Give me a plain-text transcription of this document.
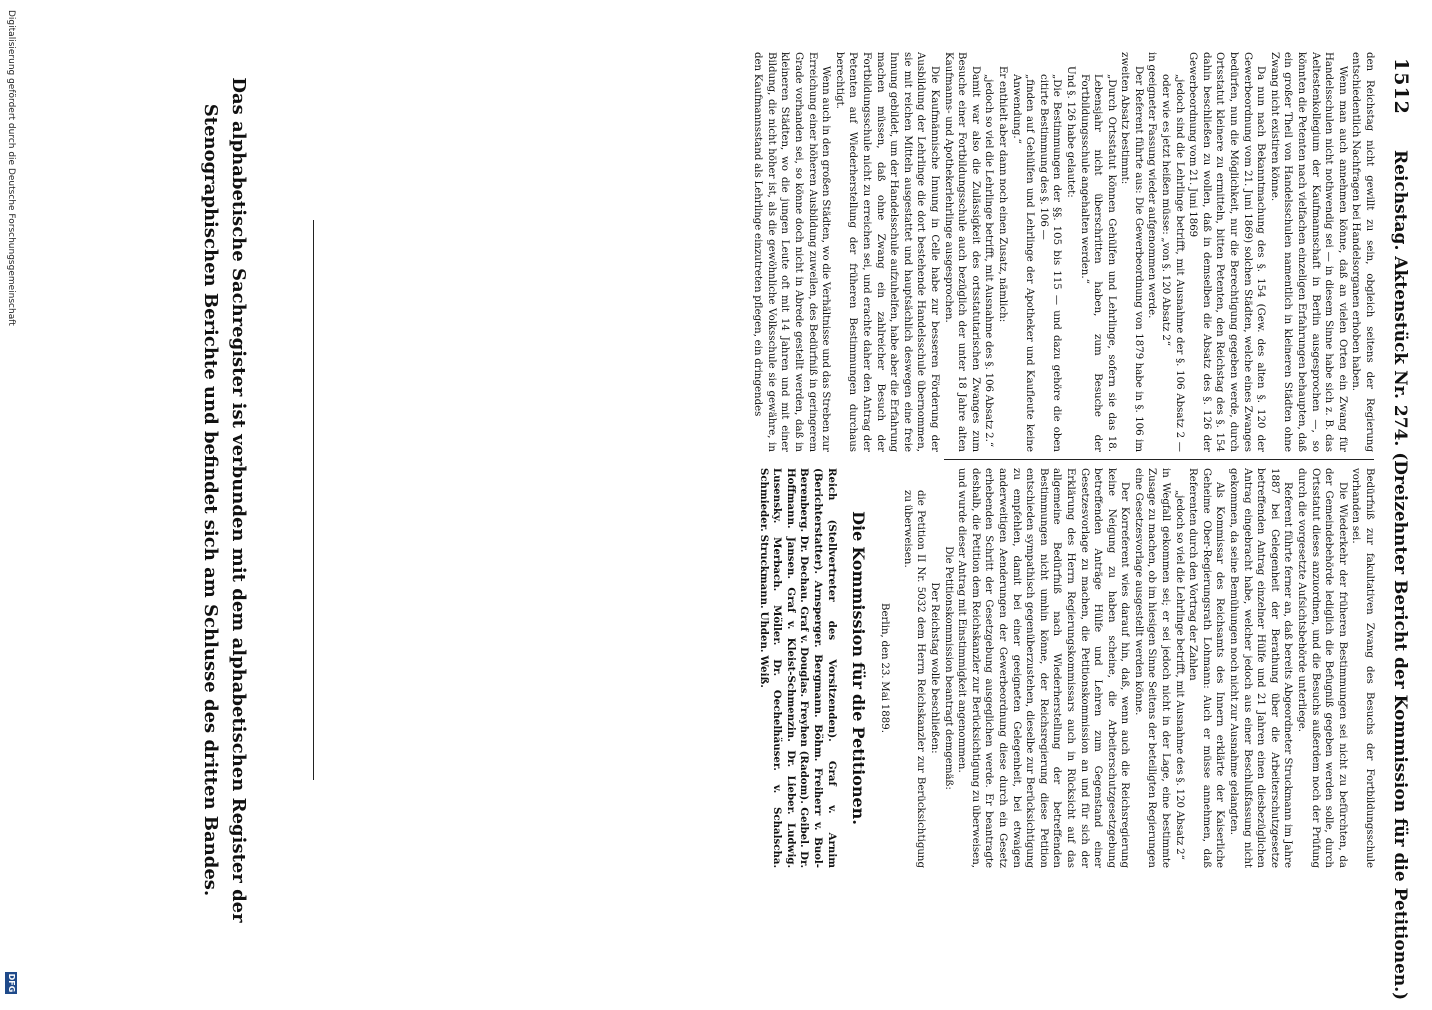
1512
Reichstag. Aktenstück Nr. 274. (Dreizehnter Bericht der Kommission für die Petitionen.)

den Reichstag nicht gewillt zu sein, obgleich seitens der Regierung entschiedentlich Nachfragen bei Handelsorganen erhoben haben.

Wenn man auch annehmen könne, daß an vielen Orten ein Zwang für Handelsschulen nicht nothwendig sei — in diesem Sinne habe sich z. B. das Aeltestenkollegium der Kaufmannschaft in Berlin ausgesprochen —, so könnten die Petenten nach vielfachen einzeligen Erfahrungen behaupten, daß ein großer Theil von Handelsschulen namentlich in kleineren Städten ohne Zwang nicht existiren könne.

Da nun nach Bekanntmachung des §. 154 (Gew. des alten §. 120 der Gewerbeordnung vom 21. Juni 1869) solchen Städten, welche eines Zwanges bedürfen, nun die Möglichkeit, nur die Berechtigung gegeben werde, durch Ortsstatut kleinere zu ermitteln, bitten Petenten, den Reichstag des §. 154 dahin beschließen zu wollen, daß in demselben die Absatz des §. 126 der Gewerbeordnung vom 21. Juni 1869

„jedoch sind die Lehrlinge betrifft, mit Ausnahme der §. 106 Absatz 2 — oder wie es jetzt heißen müsse: „von §. 120 Absatz 2“

in geeigneter Fassung wieder aufgenommen werde.

Der Referent führte aus: Die Gewerbeordnung von 1879 habe in §. 106 im zweiten Absatz bestimmt:

„Durch Ortsstatut können Gehülfen und Lehrlinge, sofern sie das 18. Lebensjahr nicht überschritten haben, zum Besuche der Fortbildungsschule angehalten werden.“

Und §. 126 habe gelautet:

„Die Bestimmungen der §§. 105 bis 115 — und dazu gehöre die oben citirte Bestimmung des §. 106 —

„finden auf Gehülfen und Lehrlinge der Apotheker und Kaufleute keine Anwendung.“

Er enthielt aber dann noch einen Zusatz, nämlich:

„jedoch so viel die Lehrlinge betrifft, mit Ausnahme des §. 106 Absatz 2.“

Damit war also die Zulässigkeit des ortsstatutarischen Zwanges zum Besuche einer Fortbildungsschule auch bezüglich der unter 18 Jahre alten Kaufmanns- und Apothekerlehrlinge ausgesprochen.

Die Kaufmännische Innung in Celle habe zur besseren Förderung der Ausbildung der Lehrlinge die dort bestehende Handelsschule übernommen, sie mit reichen Mitteln ausgestattet und hauptsächlich deswegen eine freie Innung gebildet, um der Handelsschule aufzuhelfen, habe aber die Erfahrung machen müssen, daß ohne Zwang ein zahlreicher Besuch der Fortbildungsschule nicht zu erreichen sei, und erachte daher den Antrag der Petenten auf Wiederherstellung der früheren Bestimmungen durchaus berechtigt.

Wenn auch in den großen Städten, wo die Verhältnisse und das Streben zur Erreichung einer höheren Ausbildung zuweilen, des Bedürfniß in geringerem Grade vorhanden sei, so könne doch nicht in Abrede gestellt werden, daß in kleineren Städten, wo die jungen Leute oft mit 14 Jahren und mit einer Bildung, die nicht höher ist, als die gewöhnliche Volksschule sie gewähre, in den Kaufmannsstand als Lehrlinge einzutreten pflegen, ein dringendes

Bedürfniß zur fakultativen Zwang des Besuchs der Fortbildungsschule vorhanden sei.

Die Wiederkehr der früheren Bestimmungen sei nicht zu befürchten, da der Gemeindebehörde lediglich die Befugniß gegeben werden solle, durch Ortsstatut dieses anzuordnen, und die Besuchs außerdem noch der Prüfung durch die vorgesetzte Aufsichtsbehörde unterliege.

Referent führte ferner an, daß bereits Abgeordneter Struckmann im Jahre 1887 bei Gelegenheit der Berathung über die Arbeiterschutzgesetze betreffenden Antrag einzelner Hülfe und 21 Jahren einen diesbezüglichen Antrag eingebracht habe, welcher jedoch aus einer Beschlußfassung nicht gekommen, da seine Bemühungen noch nicht zur Ausnahme gelangten.

Als Kommissar des Reichsamts des Innern erklärte der Kaiserliche Geheime Ober-Regierungsrath Lohmann: Auch er müsse annehmen, daß Referenten durch den Vortrag der Zahlen

„jedoch so viel die Lehrlinge betrifft, mit Ausnahme des §. 120 Absatz 2“

in Wegfall gekommen sei; er sei jedoch nicht in der Lage, eine bestimmte Zusage zu machen, ob im hiesigen Sinne Seitens der beteiligten Regierungen eine Gesetzesvorlage ausgestellt werden könne.

Der Korreferent wies darauf hin, daß, wenn auch die Reichsregierung keine Neigung zu haben scheine, die Arbeiterschutzgesetzgebung betreffenden Anträge Hülfe und Lehren zum Gegenstand einer Gesetzesvorlage zu machen, die Petitionskommission an und für sich der Erklärung des Herrn Regierungskommissars auch in Rücksicht auf das allgemeine Bedürfniß nach Wiederherstellung der betreffenden Bestimmungen nicht umhin könne, der Reichsregierung diese Petition entschieden sympathisch gegenüberzustehen, dieselbe zur Berücksichtigung zu empfehlen, damit bei einer geeigneten Gelegenheit, bei etwaigen anderweitigen Aenderungen der Gewerbeordnung diese durch ein Gesetz erhebenden Schritt der Gesetzgebung ausgeglichen werde. Er beantragte deshalb, die Petition dem Reichskanzler zur Berücksichtigung zu überweisen, und wurde dieser Antrag mit Einstimmigkeit angenommen.

Die Petitionskommission beantragt demgemäß:

Der Reichstag wolle beschließen:

die Petition II Nr. 5032 dem Herrn Reichskanzler zur Berücksichtigung zu überweisen.

Berlin, den 23. Mai 1889.

Die Kommission für die Petitionen.

Reich (Stellvertreter des Vorsitzenden). Graf v. Arnim (Berichterstatter). Arnsperger. Bergmann. Böhm. Freiherr v. Buol-Berenberg. Dr. Dechau. Graf v. Douglas. Freyhen (Radom). Geibel. Dr. Hoffmann. Jansen. Graf v. Kleist-Schmenzin. Dr. Lieber. Ludwig. Lusensky. Merbach. Möller. Dr. Oechelhäuser. v. Schalscha. Schmieder. Struckmann. Uhden. Weiß.

Das alphabetische Sachregister ist verbunden mit dem alphabetischen Register der Stenographischen Berichte und befindet sich am Schlusse des dritten Bandes.
Digitalisierung gefördert durch die Deutsche Forschungsgemeinschaft
DFG
